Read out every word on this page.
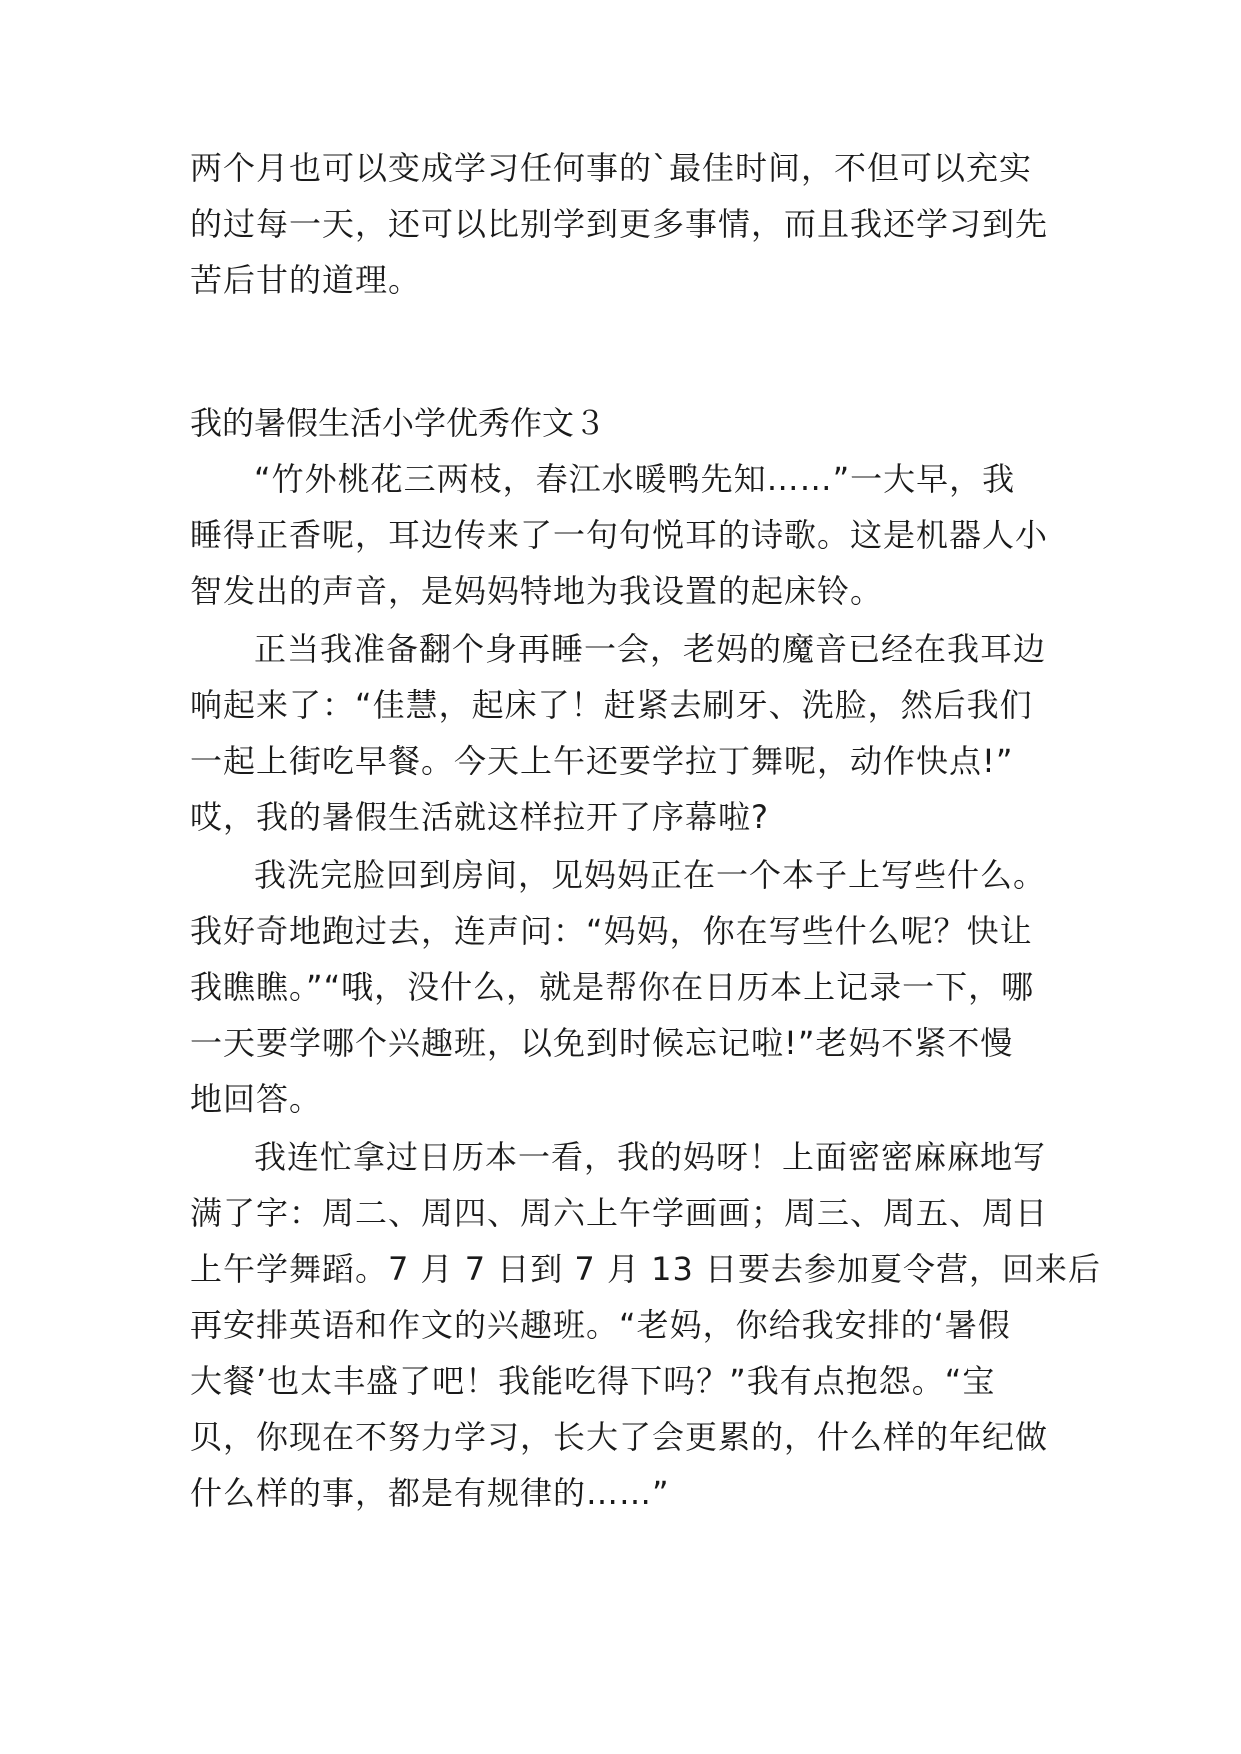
两个月也可以变成学习任何事的`最佳时间，不但可以充实
的过每一天，还可以比别学到更多事情，而且我还学习到先
苦后甘的道理。
我的暑假生活小学优秀作文３
“竹外桃花三两枝，春江水暖鸭先知……”一大早，我
睡得正香呢，耳边传来了一句句悦耳的诗歌。这是机器人小
智发出的声音，是妈妈特地为我设置的起床铃。
正当我准备翻个身再睡一会，老妈的魔音已经在我耳边
响起来了：“佳慧，起床了！赶紧去刷牙、洗脸，然后我们
一起上街吃早餐。今天上午还要学拉丁舞呢，动作快点!”
哎，我的暑假生活就这样拉开了序幕啦?
我洗完脸回到房间，见妈妈正在一个本子上写些什么。
我好奇地跑过去，连声问：“妈妈，你在写些什么呢？快让
我瞧瞧。”“哦，没什么，就是帮你在日历本上记录一下，哪
一天要学哪个兴趣班，以免到时候忘记啦!”老妈不紧不慢
地回答。
我连忙拿过日历本一看，我的妈呀！上面密密麻麻地写
满了字：周二、周四、周六上午学画画；周三、周五、周日
上午学舞蹈。7 月 7 日到 7 月 13 日要去参加夏令营，回来后
再安排英语和作文的兴趣班。“老妈，你给我安排的‘暑假
大餐’也太丰盛了吧！我能吃得下吗？”我有点抱怨。“宝
贝，你现在不努力学习，长大了会更累的，什么样的年纪做
什么样的事，都是有规律的……”
